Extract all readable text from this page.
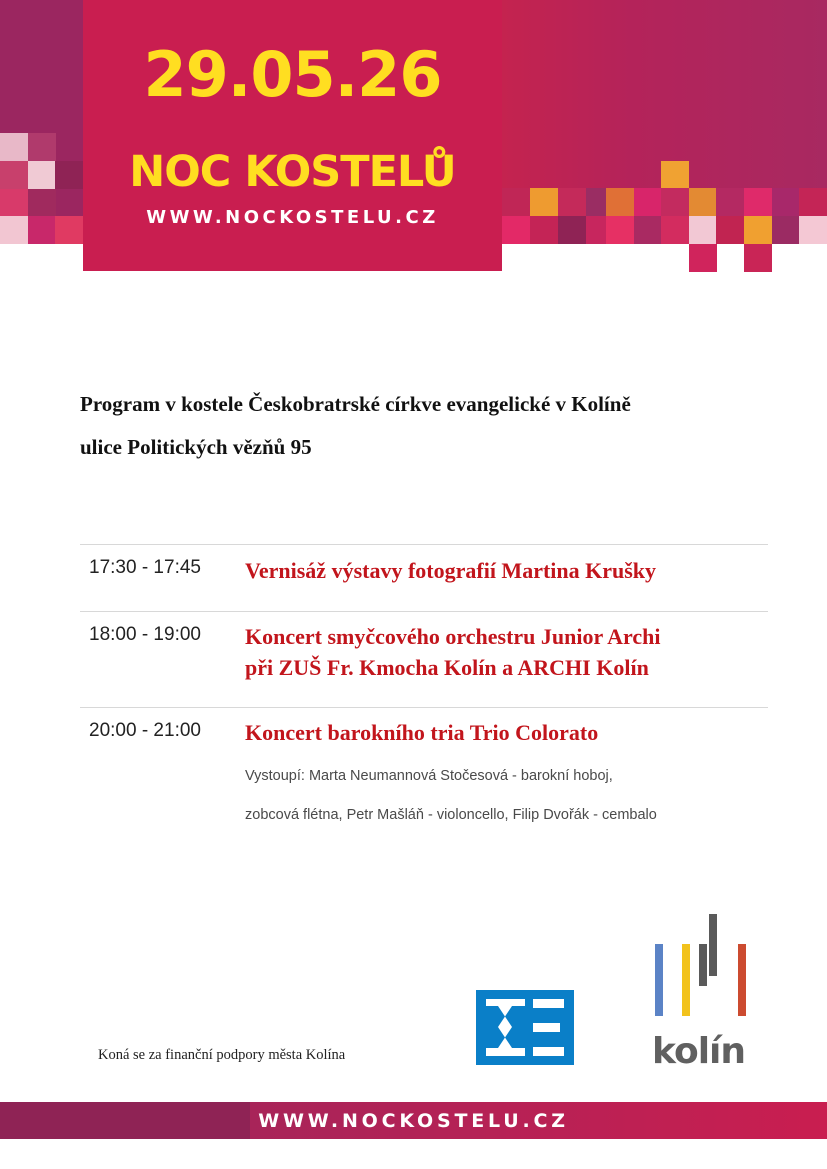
29.05.26
NOC KOSTELŮ
WWW.NOCKOSTELU.CZ
Program v kostele Českobratrské církve evangelické v Kolíně
ulice Politických vězňů 95
17:30 - 17:45 Vernisáž výstavy fotografií Martina Krušky
18:00 - 19:00 Koncert smyčcového orchestru Junior Archi
při ZUŠ Fr. Kmocha Kolín a ARCHI Kolín
20:00 - 21:00 Koncert barokního tria Trio Colorato
Vystoupí: Marta Neumannová Stočesová - barokní hoboj,
zobcová flétna, Petr Mašláň - violoncello, Filip Dvořák - cembalo
Koná se za finanční podpory města Kolína	kolín
WWW.NOCKOSTELU.CZ
